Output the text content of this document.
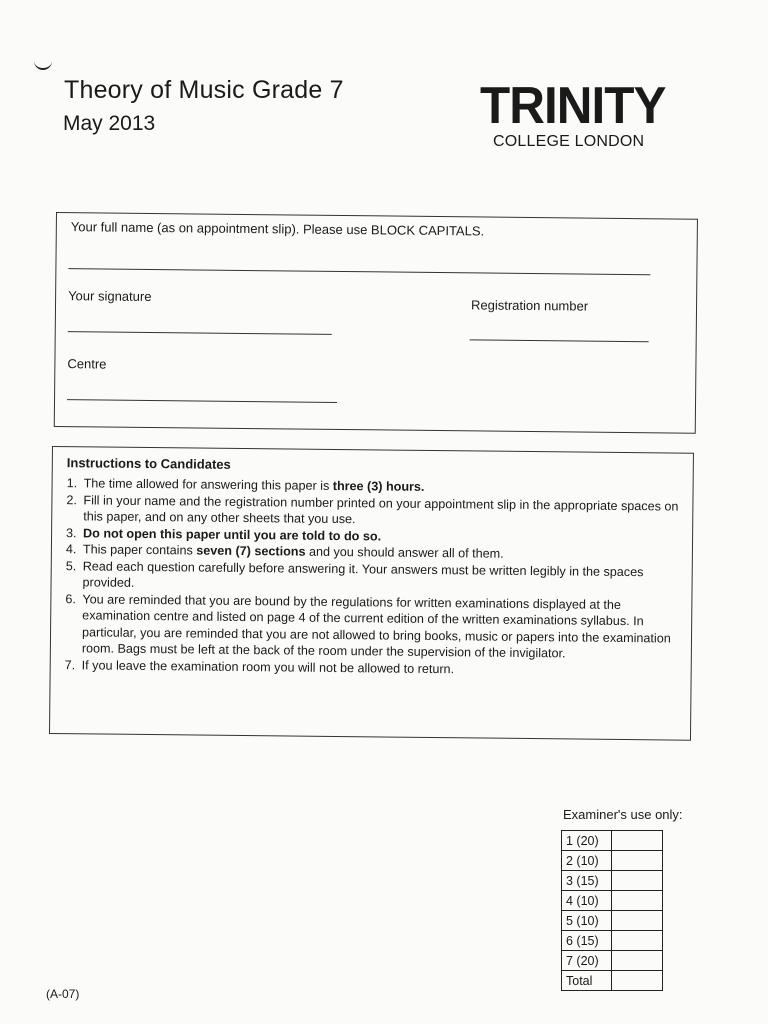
Theory of Music Grade 7
May 2013	TRINITY
COLLEGE LONDON
Your full name (as on appointment slip). Please use BLOCK CAPITALS.
Your signature
Registration number
Centre
Instructions to Candidates
1. The time allowed for answering this paper is three (3) hours.
2. Fill in your name and the registration number printed on your appointment slip in the appropriate spaces on this paper, and on any other sheets that you use.
3. Do not open this paper until you are told to do so.
4. This paper contains seven (7) sections and you should answer all of them.
5. Read each question carefully before answering it. Your answers must be written legibly in the spaces provided.
6. You are reminded that you are bound by the regulations for written examinations displayed at the examination centre and listed on page 4 of the current edition of the written examinations syllabus. In particular, you are reminded that you are not allowed to bring books, music or papers into the examination room. Bags must be left at the back of the room under the supervision of the invigilator.
7. If you leave the examination room you will not be allowed to return.
Examiner's use only:
1 (20)	
2 (10)	
3 (15)	
4 (10)	
5 (10)	
6 (15)	
7 (20)	
Total	
(A-07)
